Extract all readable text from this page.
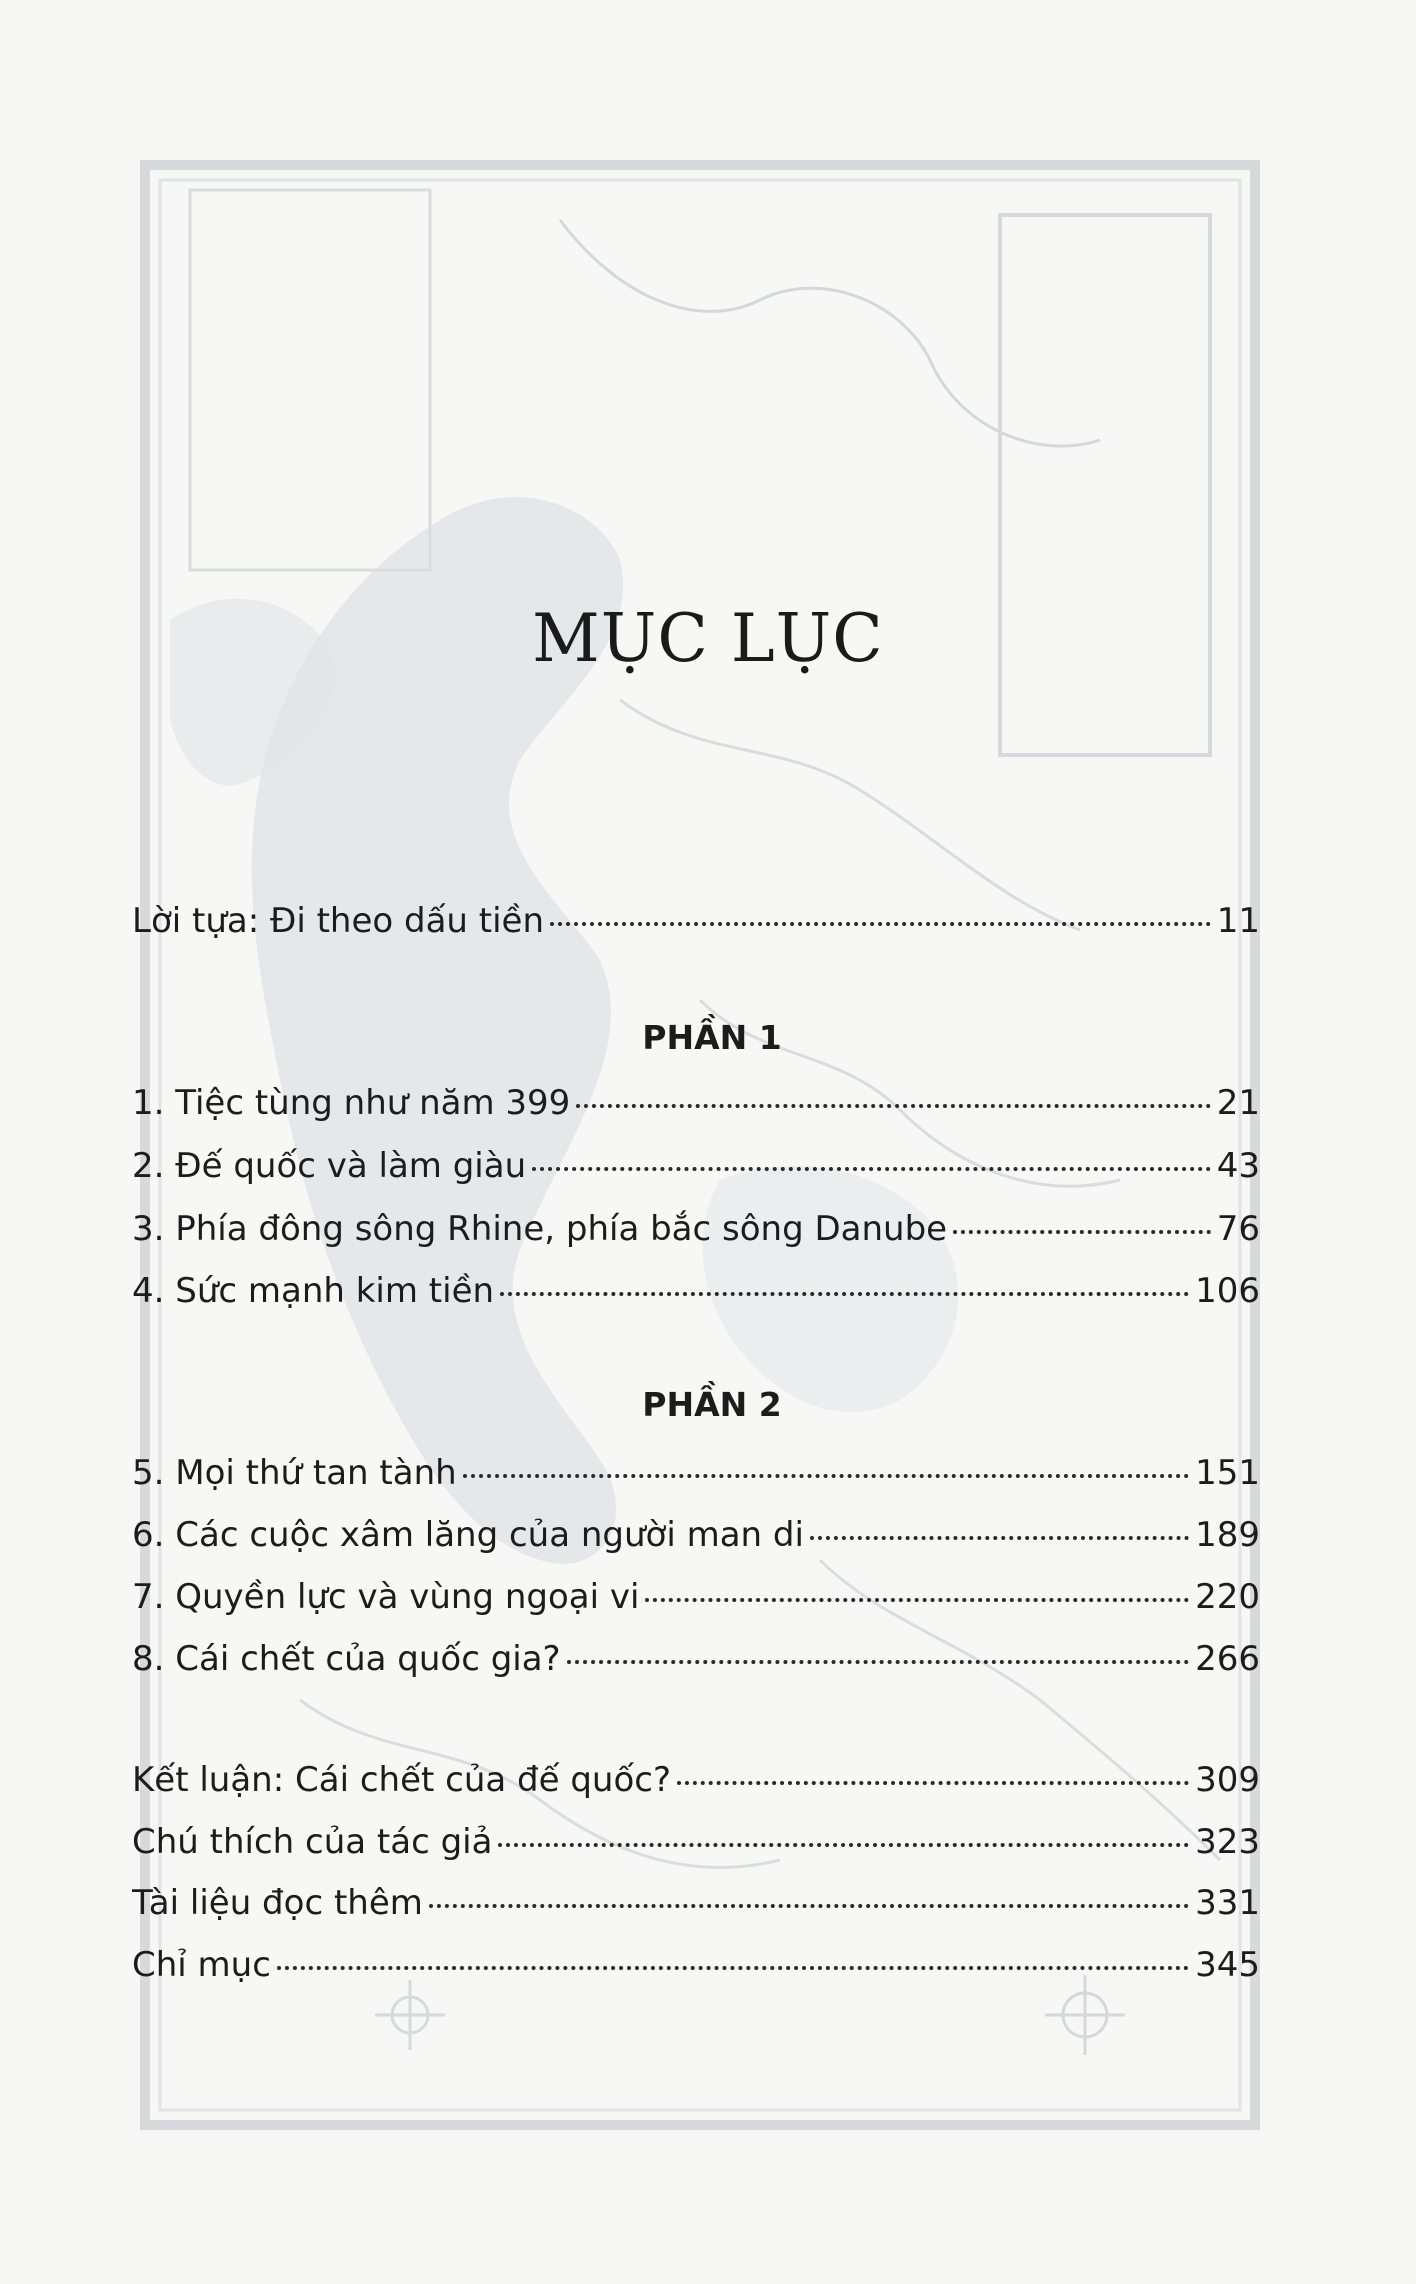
MỤC LỤC
Lời tựa: Đi theo dấu tiền	11
PHẦN 1
1. Tiệc tùng như năm 399	21
2. Đế quốc và làm giàu	43
3. Phía đông sông Rhine, phía bắc sông Danube	76
4. Sức mạnh kim tiền	106
PHẦN 2
5. Mọi thứ tan tành	151
6. Các cuộc xâm lăng của người man di	189
7. Quyền lực và vùng ngoại vi	220
8. Cái chết của quốc gia?	266
Kết luận: Cái chết của đế quốc?	309
Chú thích của tác giả	323
Tài liệu đọc thêm	331
Chỉ mục	345
